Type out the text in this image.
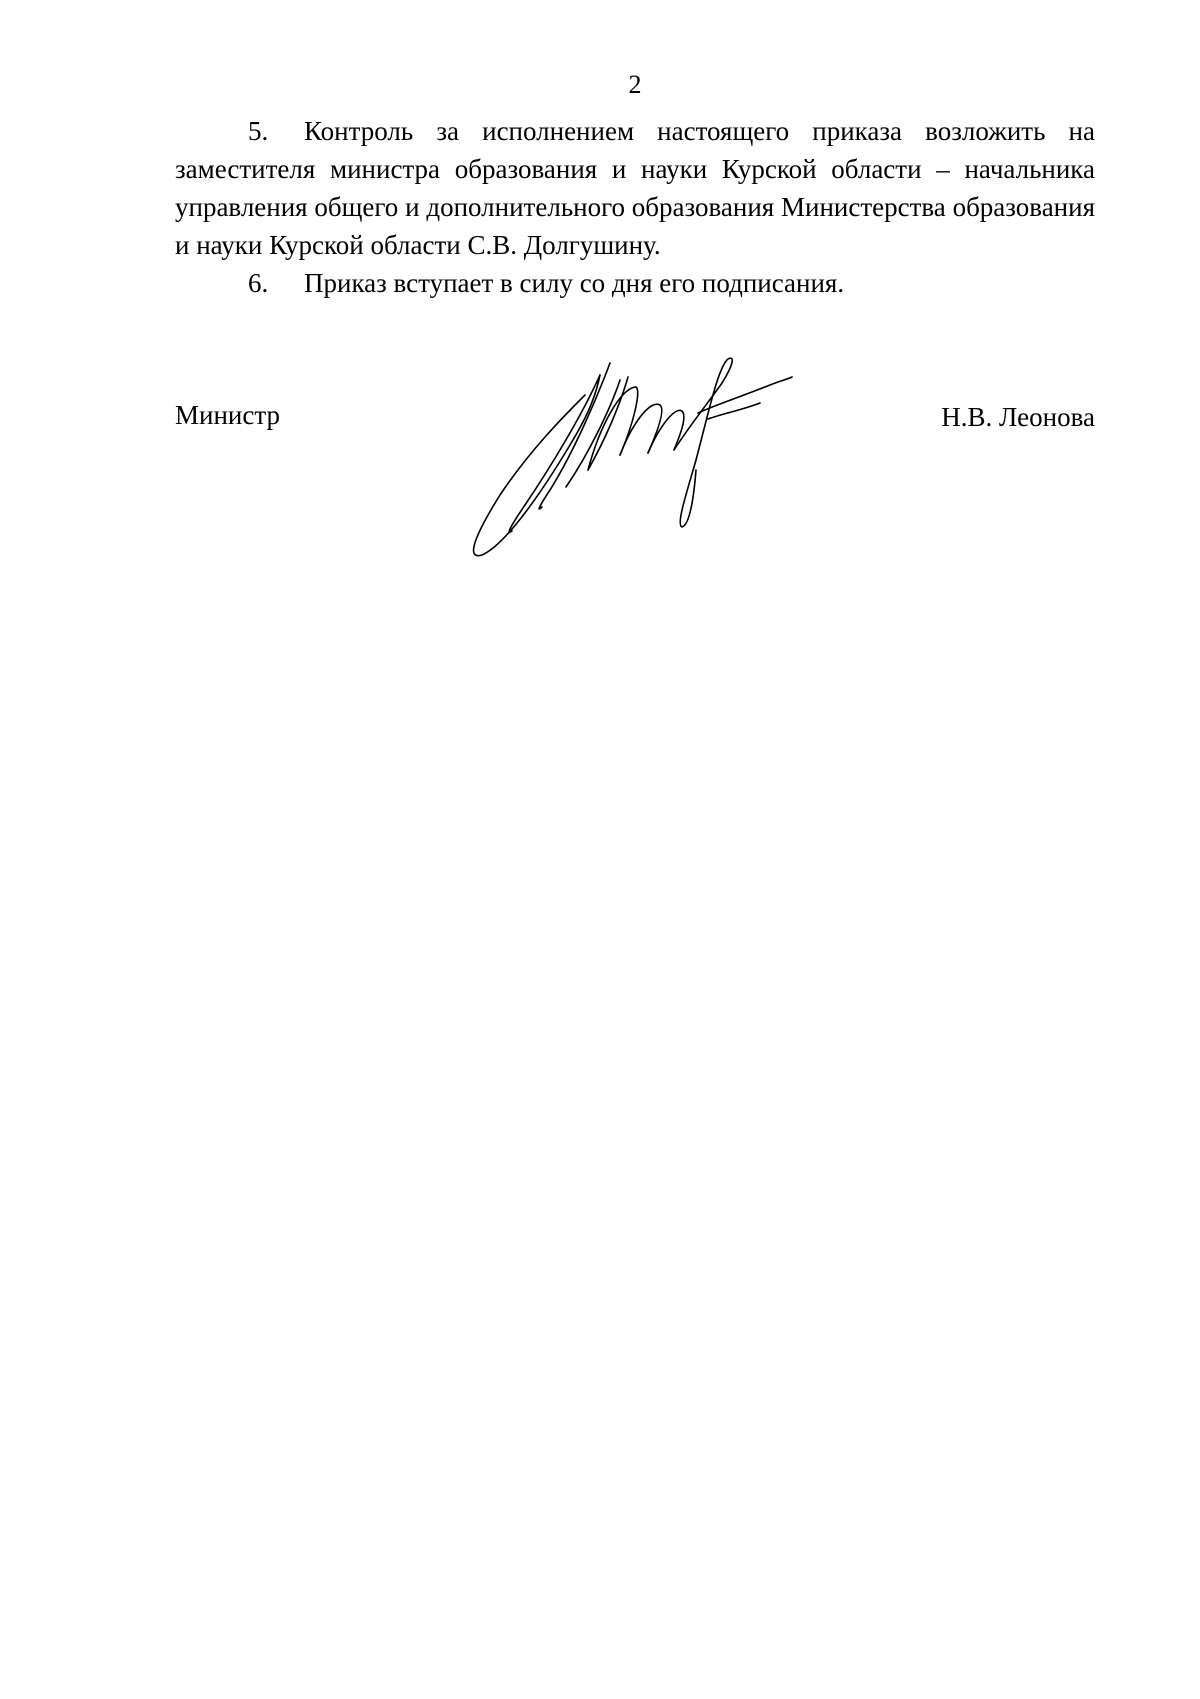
2

5. Контроль за исполнением настоящего приказа возложить на заместителя министра образования и науки Курской области – начальника управления общего и дополнительного образования Министерства образования и науки Курской области С.В. Долгушину.

6. Приказ вступает в силу со дня его подписания.

Министр	Н.В. Леонова
